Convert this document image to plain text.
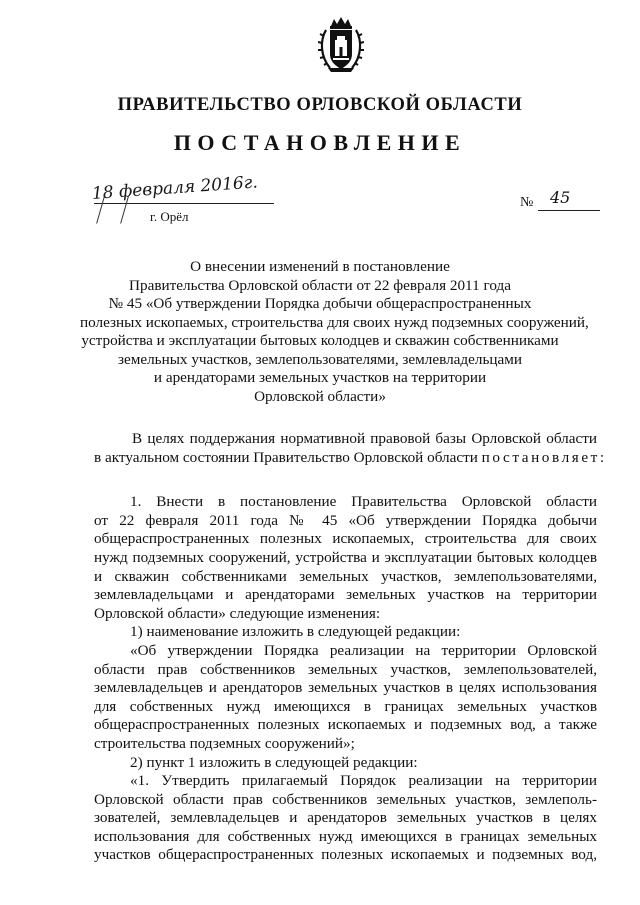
ПРАВИТЕЛЬСТВО ОРЛОВСКОЙ ОБЛАСТИ
ПОСТАНОВЛЕНИЕ
18 февраля 2016г.
г. Орёл
№ 45
О внесении изменений в постановление
Правительства Орловской области от 22 февраля 2011 года
№ 45 «Об утверждении Порядка добычи общераспространенных
полезных ископаемых, строительства для своих нужд подземных сооружений,
устройства и эксплуатации бытовых колодцев и скважин собственниками
земельных участков, землепользователями, землевладельцами
и арендаторами земельных участков на территории
Орловской области»
В целях поддержания нормативной правовой базы Орловской области
в актуальном состоянии Правительство Орловской области постановляет:
1. Внести в постановление Правительства Орловской области
от 22 февраля 2011 года № 45 «Об утверждении Порядка добычи
общераспространенных полезных ископаемых, строительства для своих
нужд подземных сооружений, устройства и эксплуатации бытовых колодцев
и скважин собственниками земельных участков, землепользователями,
землевладельцами и арендаторами земельных участков на территории
Орловской области» следующие изменения:
1) наименование изложить в следующей редакции:
«Об утверждении Порядка реализации на территории Орловской
области прав собственников земельных участков, землепользователей,
землевладельцев и арендаторов земельных участков в целях использования
для собственных нужд имеющихся в границах земельных участков
общераспространенных полезных ископаемых и подземных вод, а также
строительства подземных сооружений»;
2) пункт 1 изложить в следующей редакции:
«1. Утвердить прилагаемый Порядок реализации на территории
Орловской области прав собственников земельных участков, землеполь-
зователей, землевладельцев и арендаторов земельных участков в целях
использования для собственных нужд имеющихся в границах земельных
участков общераспространенных полезных ископаемых и подземных вод,
